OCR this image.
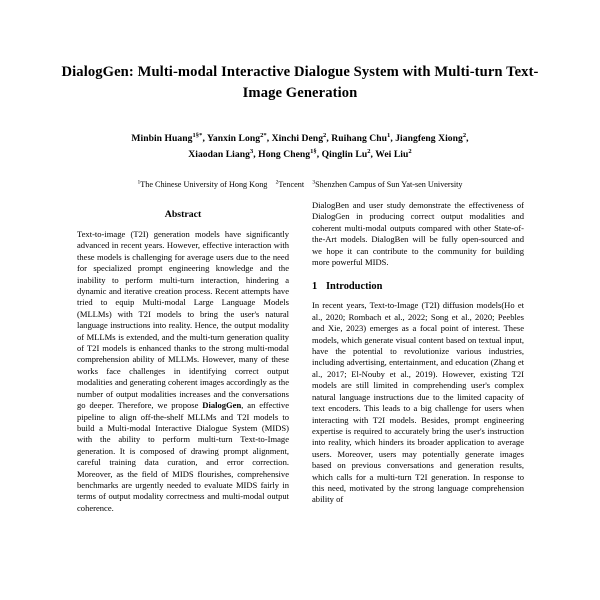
DialogGen: Multi-modal Interactive Dialogue System with Multi-turn Text-Image Generation
Minbin Huang$^{1\S*}$, Yanxin Long$^{2*}$, Xinchi Deng$^2$, Ruihang Chu$^1$, Jiangfeng Xiong$^2$,
Xiaodan Liang$^3$, Hong Cheng$^{1\S}$, Qinglin Lu$^2$, Wei Liu$^2$
$^1$The Chinese University of Hong Kong $^2$Tencent $^3$Shenzhen Campus of Sun Yat-sen University
Abstract

Text-to-image (T2I) generation models have significantly advanced in recent years. However, effective interaction with these models is challenging for average users due to the need for specialized prompt engineering knowledge and the inability to perform multi-turn interaction, hindering a dynamic and iterative creation process. Recent attempts have tried to equip Multi-modal Large Language Models (MLLMs) with T2I models to bring the user's natural language instructions into reality. Hence, the output modality of MLLMs is extended, and the multi-turn generation quality of T2I models is enhanced thanks to the strong multi-modal comprehension ability of MLLMs. However, many of these works face challenges in identifying correct output modalities and generating coherent images accordingly as the number of output modalities increases and the conversations go deeper. Therefore, we propose DialogGen, an effective pipeline to align off-the-shelf MLLMs and T2I models to build a Multi-modal Interactive Dialogue System (MIDS) with the ability to perform multi-turn Text-to-Image generation. It is composed of drawing prompt alignment, careful training data curation, and error correction. Moreover, as the field of MIDS flourishes, comprehensive benchmarks are urgently needed to evaluate MIDS fairly in terms of output modality correctness and multi-modal output coherence.

DialogBen and user study demonstrate the effectiveness of DialogGen in producing correct output modalities and coherent multi-modal outputs compared with other State-of-the-Art models. DialogBen will be fully open-sourced and we hope it can contribute to the community for building more powerful MIDS.

1 Introduction

In recent years, Text-to-Image (T2I) diffusion models(Ho et al., 2020; Rombach et al., 2022; Song et al., 2020; Peebles and Xie, 2023) emerges as a focal point of interest. These models, which generate visual content based on textual input, have the potential to revolutionize various industries, including advertising, entertainment, and education (Zhang et al., 2017; El-Nouby et al., 2019). However, existing T2I models are still limited in comprehending user's complex natural language instructions due to the limited capacity of text encoders. This leads to a big challenge for users when interacting with T2I models. Besides, prompt engineering expertise is required to accurately bring the user's instruction into reality, which hinders its broader application to average users. Moreover, users may potentially generate images based on previous conversations and generation results, which calls for a multi-turn T2I generation. In response to this need, motivated by the strong language comprehension ability of
